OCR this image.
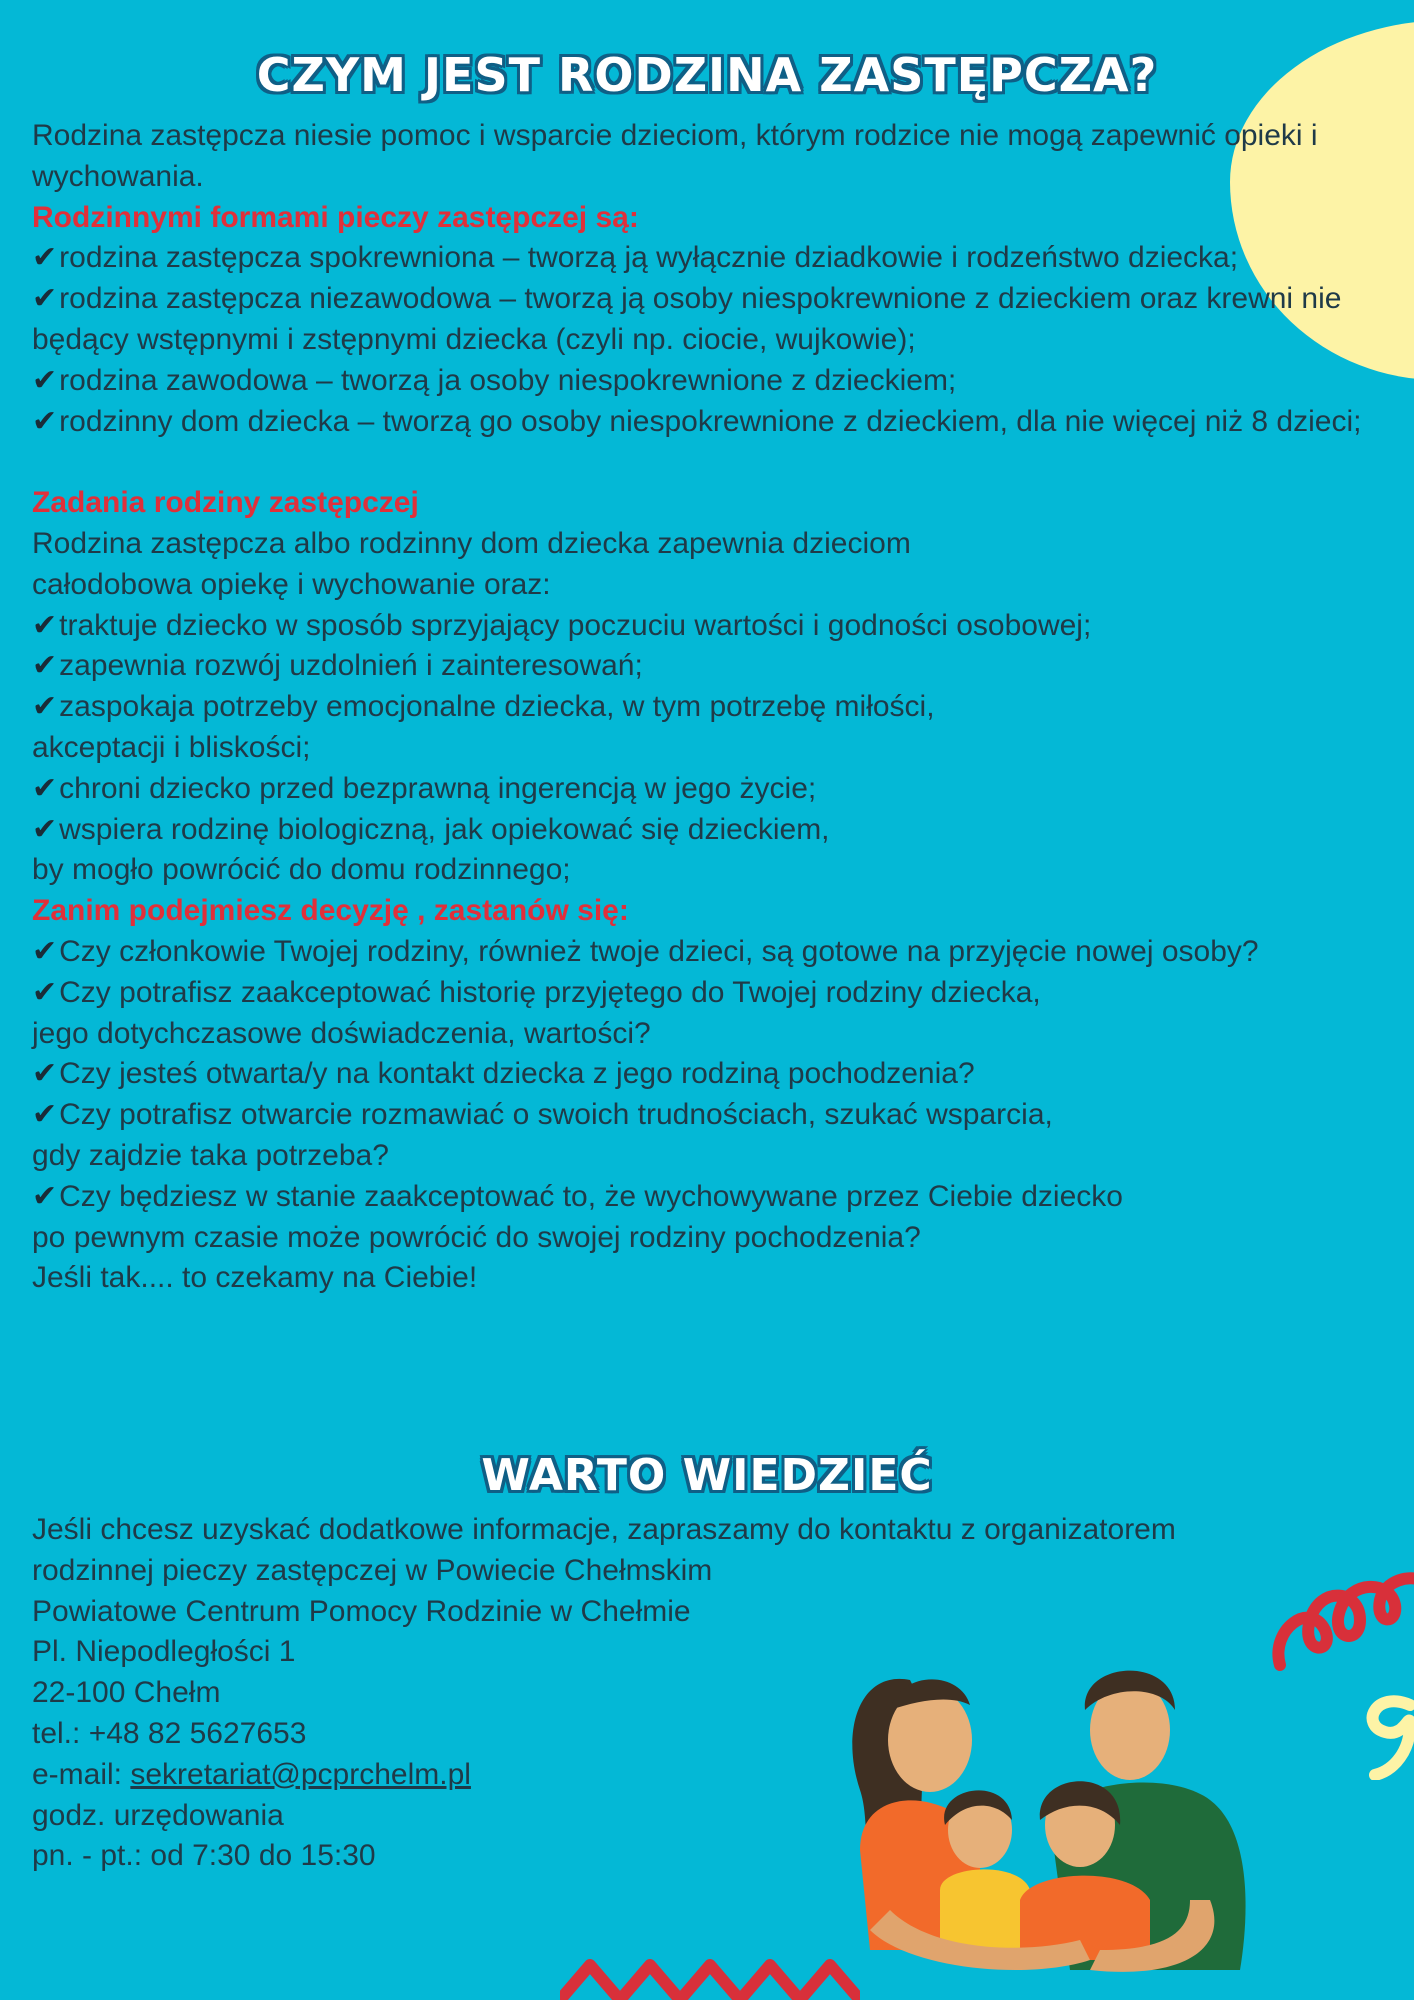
CZYM JEST RODZINA ZASTĘPCZA?

Rodzina zastępcza niesie pomoc i wsparcie dzieciom, którym rodzice nie mogą zapewnić opieki i wychowania.

Rodzinnymi formami pieczy zastępczej są:

✔rodzina zastępcza spokrewniona – tworzą ją wyłącznie dziadkowie i rodzeństwo dziecka;

✔rodzina zastępcza niezawodowa – tworzą ją osoby niespokrewnione z dzieckiem oraz krewni nie będący wstępnymi i zstępnymi dziecka (czyli np. ciocie, wujkowie);

✔rodzina zawodowa – tworzą ja osoby niespokrewnione z dzieckiem;

✔rodzinny dom dziecka – tworzą go osoby niespokrewnione z dzieckiem, dla nie więcej niż 8 dzieci;

Zadania rodziny zastępczej

Rodzina zastępcza albo rodzinny dom dziecka zapewnia dzieciom

całodobowa opiekę i wychowanie oraz:

✔traktuje dziecko w sposób sprzyjający poczuciu wartości i godności osobowej;

✔zapewnia rozwój uzdolnień i zainteresowań;

✔zaspokaja potrzeby emocjonalne dziecka, w tym potrzebę miłości,

akceptacji i bliskości;

✔chroni dziecko przed bezprawną ingerencją w jego życie;

✔wspiera rodzinę biologiczną, jak opiekować się dzieckiem,

by mogło powrócić do domu rodzinnego;

Zanim podejmiesz decyzję , zastanów się:

✔Czy członkowie Twojej rodziny, również twoje dzieci, są gotowe na przyjęcie nowej osoby?

✔Czy potrafisz zaakceptować historię przyjętego do Twojej rodziny dziecka,

jego dotychczasowe doświadczenia, wartości?

✔Czy jesteś otwarta/y na kontakt dziecka z jego rodziną pochodzenia?

✔Czy potrafisz otwarcie rozmawiać o swoich trudnościach, szukać wsparcia,

gdy zajdzie taka potrzeba?

✔Czy będziesz w stanie zaakceptować to, że wychowywane przez Ciebie dziecko

po pewnym czasie może powrócić do swojej rodziny pochodzenia?

Jeśli tak.... to czekamy na Ciebie!

WARTO WIEDZIEĆ

Jeśli chcesz uzyskać dodatkowe informacje, zapraszamy do kontaktu z organizatorem

rodzinnej pieczy zastępczej w Powiecie Chełmskim

Powiatowe Centrum Pomocy Rodzinie w Chełmie

Pl. Niepodległości 1

22-100 Chełm

tel.: +48 82 5627653

e-mail: sekretariat@pcprchelm.pl

godz. urzędowania

pn. - pt.: od 7:30 do 15:30
